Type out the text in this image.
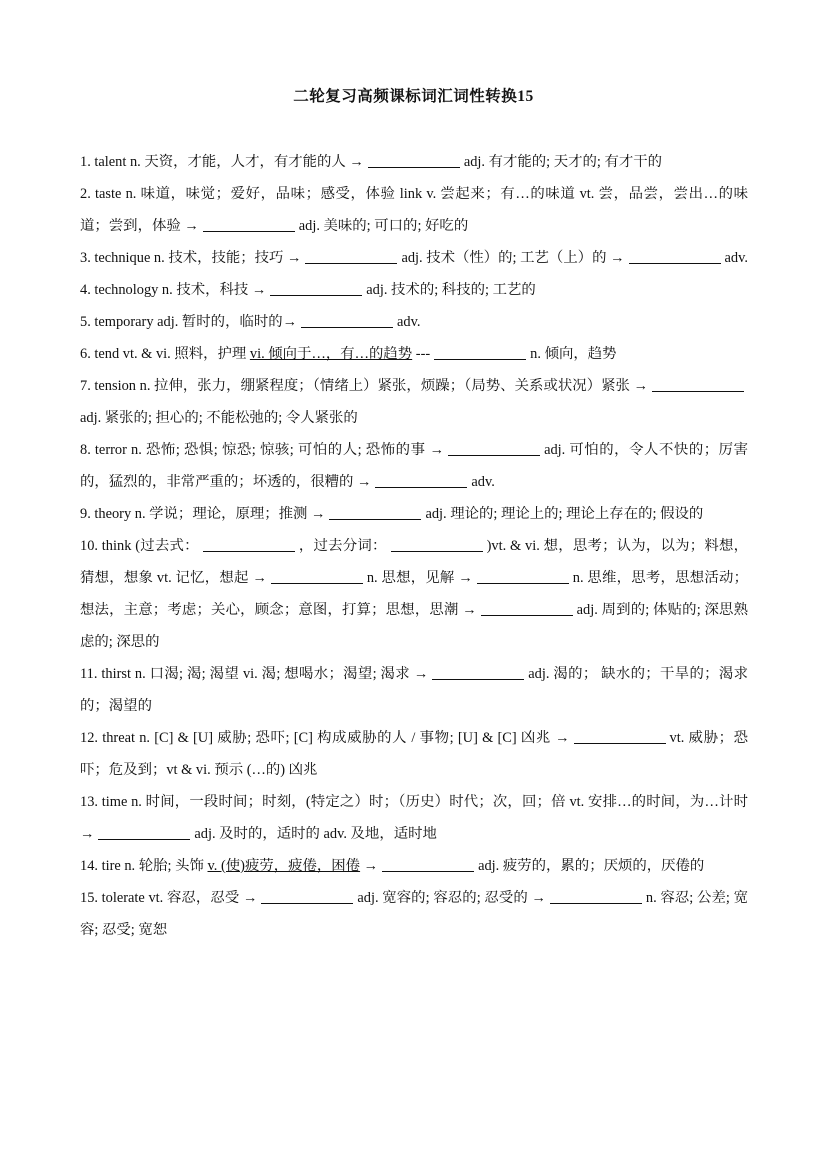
二轮复习高频课标词汇词性转换15

1. talent n. 天资，才能，人才，有才能的人 →	adj. 有才能的; 天才的; 有才干的

2. taste n. 味道，味觉；爱好，品味；感受，体验 link v. 尝起来；有…的味道 vt. 尝，品尝，尝出…的味道；尝到，体验 →	adj. 美味的; 可口的; 好吃的

3. technique n. 技术，技能；技巧 →	adj. 技术（性）的; 工艺（上）的 →	adv.

4. technology n. 技术，科技 →	adj. 技术的; 科技的; 工艺的

5. temporary adj. 暂时的，临时的→	adv.

6. tend vt. & vi. 照料，护理 vi. 倾向于…，有…的趋势 ---	n. 倾向，趋势

7. tension n. 拉伸，张力，绷紧程度；（情绪上）紧张，烦躁；（局势、关系或状况）紧张 →adj. 紧张的; 担心的; 不能松弛的; 令人紧张的

8. terror n. 恐怖; 恐惧; 惊恐; 惊骇; 可怕的人; 恐怖的事 →	adj. 可怕的，令人不快的；厉害的，猛烈的，非常严重的；坏透的，很糟的 →	adv.

9. theory n. 学说；理论，原理；推测 →	adj. 理论的; 理论上的; 理论上存在的; 假设的

10. think (过去式：	，过去分词：	)vt. & vi. 想，思考；认为，以为；料想，猜想，想象 vt. 记忆，想起 →	n. 思想，见解 →	n. 思维，思考，思想活动；想法，主意；考虑；关心，顾念；意图，打算；思想，思潮 →	adj. 周到的; 体贴的; 深思熟虑的; 深思的

11. thirst n. 口渴; 渴; 渴望 vi. 渴; 想喝水；渴望; 渴求 →	adj. 渴的； 缺水的；干旱的；渴求的；渴望的

12. threat n. [C] & [U] 威胁; 恐吓; [C] 构成威胁的人 / 事物; [U] & [C] 凶兆 →	vt. 威胁；恐吓；危及到；vt & vi. 预示 (…的) 凶兆

13. time n. 时间，一段时间；时刻，(特定之）时；（历史）时代；次，回；倍 vt. 安排…的时间，为…计时 →	adj. 及时的，适时的 adv. 及地，适时地

14. tire n. 轮胎; 头饰 v. (使)疲劳，疲倦，困倦 →	adj. 疲劳的，累的；厌烦的，厌倦的

15. tolerate vt. 容忍，忍受 →	adj. 宽容的; 容忍的; 忍受的 →	n. 容忍; 公差; 宽容; 忍受; 宽恕
